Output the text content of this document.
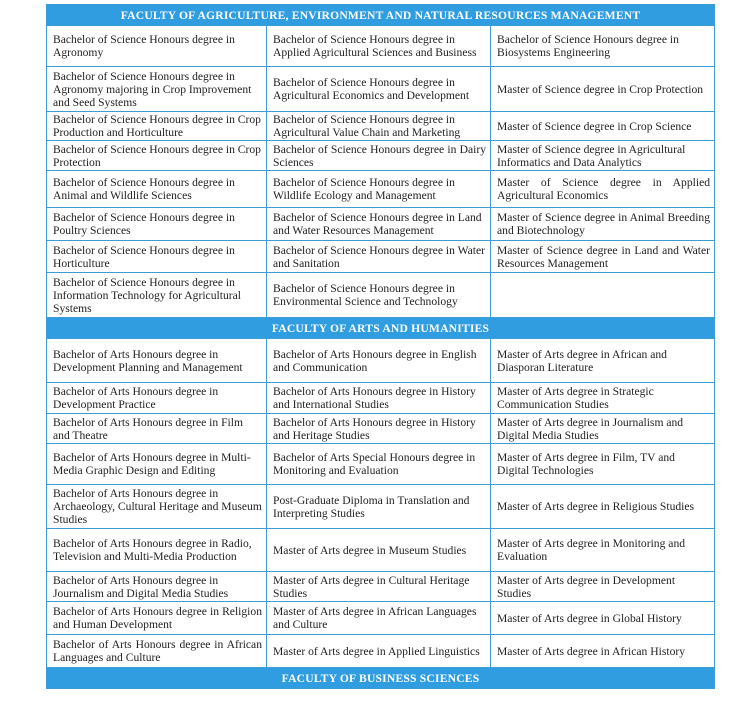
FACULTY OF AGRICULTURE, ENVIRONMENT AND NATURAL RESOURCES MANAGEMENT		
Bachelor of Science Honours degree in Agronomy	Bachelor of Science Honours degree in Applied Agricultural Sciences and Business	Bachelor of Science Honours degree in Biosystems Engineering
Bachelor of Science Honours degree in Agronomy majoring in Crop Improvement and Seed Systems	Bachelor of Science Honours degree in Agricultural Economics and Development	Master of Science degree in Crop Protection
Bachelor of Science Honours degree in Crop Production and Horticulture	Bachelor of Science Honours degree in Agricultural Value Chain and Marketing	Master of Science degree in Crop Science
Bachelor of Science Honours degree in Crop Protection	Bachelor of Science Honours degree in Dairy Sciences	Master of Science degree in Agricultural Informatics and Data Analytics
Bachelor of Science Honours degree in Animal and Wildlife Sciences	Bachelor of Science Honours degree in Wildlife Ecology and Management	Master of Science degree in Applied Agricultural Economics
Bachelor of Science Honours degree in Poultry Sciences	Bachelor of Science Honours degree in Land and Water Resources Management	Master of Science degree in Animal Breeding and Biotechnology
Bachelor of Science Honours degree in Horticulture	Bachelor of Science Honours degree in Water and Sanitation	Master of Science degree in Land and Water Resources Management
Bachelor of Science Honours degree in Information Technology for Agricultural Systems	Bachelor of Science Honours degree in Environmental Science and Technology	
FACULTY OF ARTS AND HUMANITIES		
Bachelor of Arts Honours degree in Development Planning and Management	Bachelor of Arts Honours degree in English and Communication	Master of Arts degree in African and Diasporan Literature
Bachelor of Arts Honours degree in Development Practice	Bachelor of Arts Honours degree in History and International Studies	Master of Arts degree in Strategic Communication Studies
Bachelor of Arts Honours degree in Film and Theatre	Bachelor of Arts Honours degree in History and Heritage Studies	Master of Arts degree in Journalism and Digital Media Studies
Bachelor of Arts Honours degree in Multi-Media Graphic Design and Editing	Bachelor of Arts Special Honours degree in Monitoring and Evaluation	Master of Arts degree in Film, TV and Digital Technologies
Bachelor of Arts Honours degree in Archaeology, Cultural Heritage and Museum Studies	Post-Graduate Diploma in Translation and Interpreting Studies	Master of Arts degree in Religious Studies
Bachelor of Arts Honours degree in Radio, Television and Multi-Media Production	Master of Arts degree in Museum Studies	Master of Arts degree in Monitoring and Evaluation
Bachelor of Arts Honours degree in Journalism and Digital Media Studies	Master of Arts degree in Cultural Heritage Studies	Master of Arts degree in Development Studies
Bachelor of Arts Honours degree in Religion and Human Development	Master of Arts degree in African Languages and Culture	Master of Arts degree in Global History
Bachelor of Arts Honours degree in African Languages and Culture	Master of Arts degree in Applied Linguistics	Master of Arts degree in African History
FACULTY OF BUSINESS SCIENCES		
